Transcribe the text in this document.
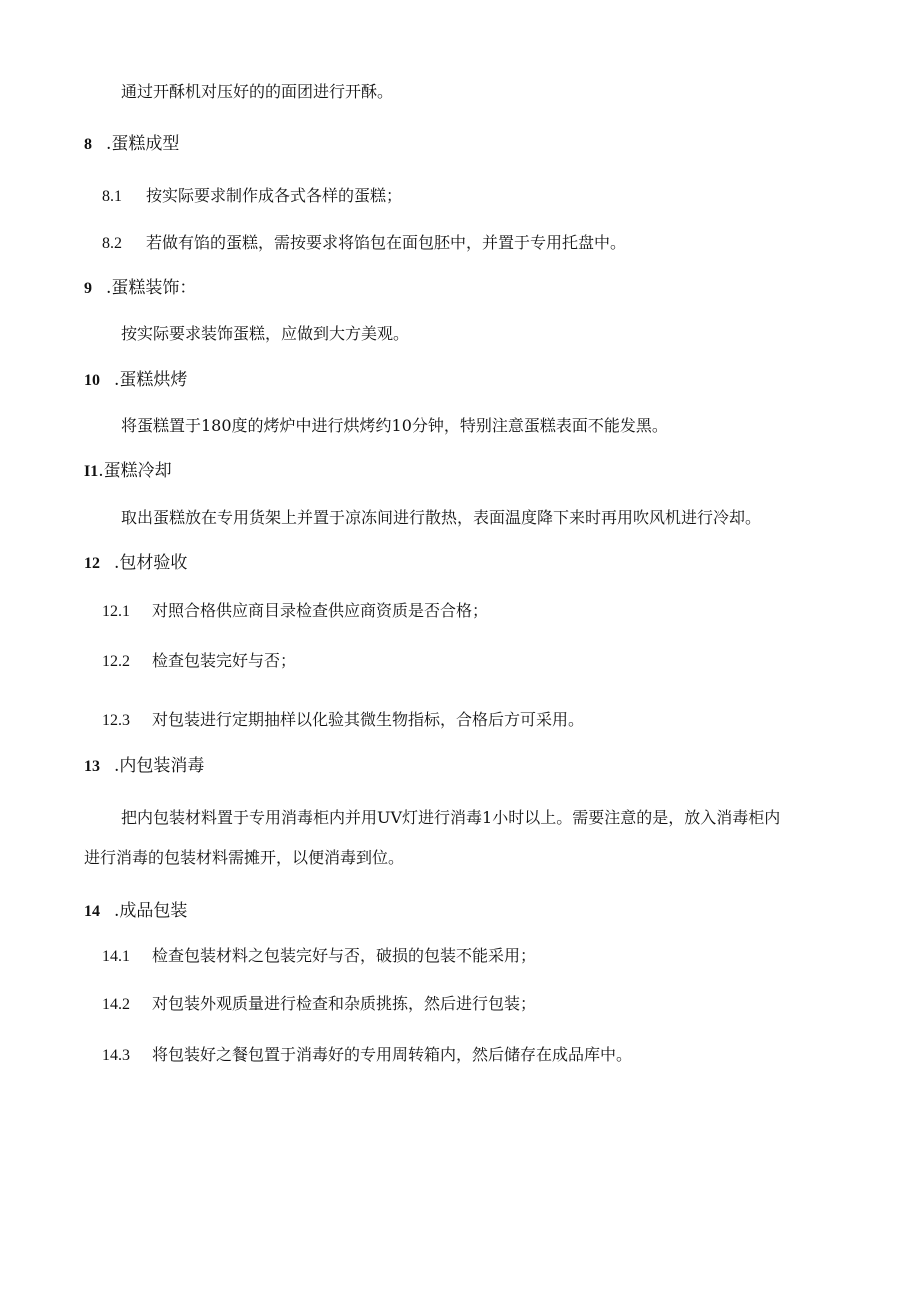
通过开酥机对压好的的面团进行开酥。
8 .蛋糕成型
8.1 按实际要求制作成各式各样的蛋糕；
8.2 若做有馅的蛋糕，需按要求将馅包在面包胚中，并置于专用托盘中。
9 .蛋糕装饰：
按实际要求装饰蛋糕，应做到大方美观。
10 .蛋糕烘烤
将蛋糕置于180度的烤炉中进行烘烤约10分钟，特别注意蛋糕表面不能发黑。
I1.蛋糕冷却
取出蛋糕放在专用货架上并置于凉冻间进行散热，表面温度降下来时再用吹风机进行冷却。
12 .包材验收
12.1 对照合格供应商目录检查供应商资质是否合格；
12.2 检查包装完好与否；
12.3 对包装进行定期抽样以化验其微生物指标，合格后方可采用。
13 .内包装消毒
把内包装材料置于专用消毒柜内并用UV灯进行消毒1小时以上。需要注意的是，放入消毒柜内
进行消毒的包装材料需摊开，以便消毒到位。
14 .成品包装
14.1 检查包装材料之包装完好与否，破损的包装不能采用；
14.2 对包装外观质量进行检查和杂质挑拣，然后进行包装；
14.3 将包装好之餐包置于消毒好的专用周转箱内，然后储存在成品库中。
